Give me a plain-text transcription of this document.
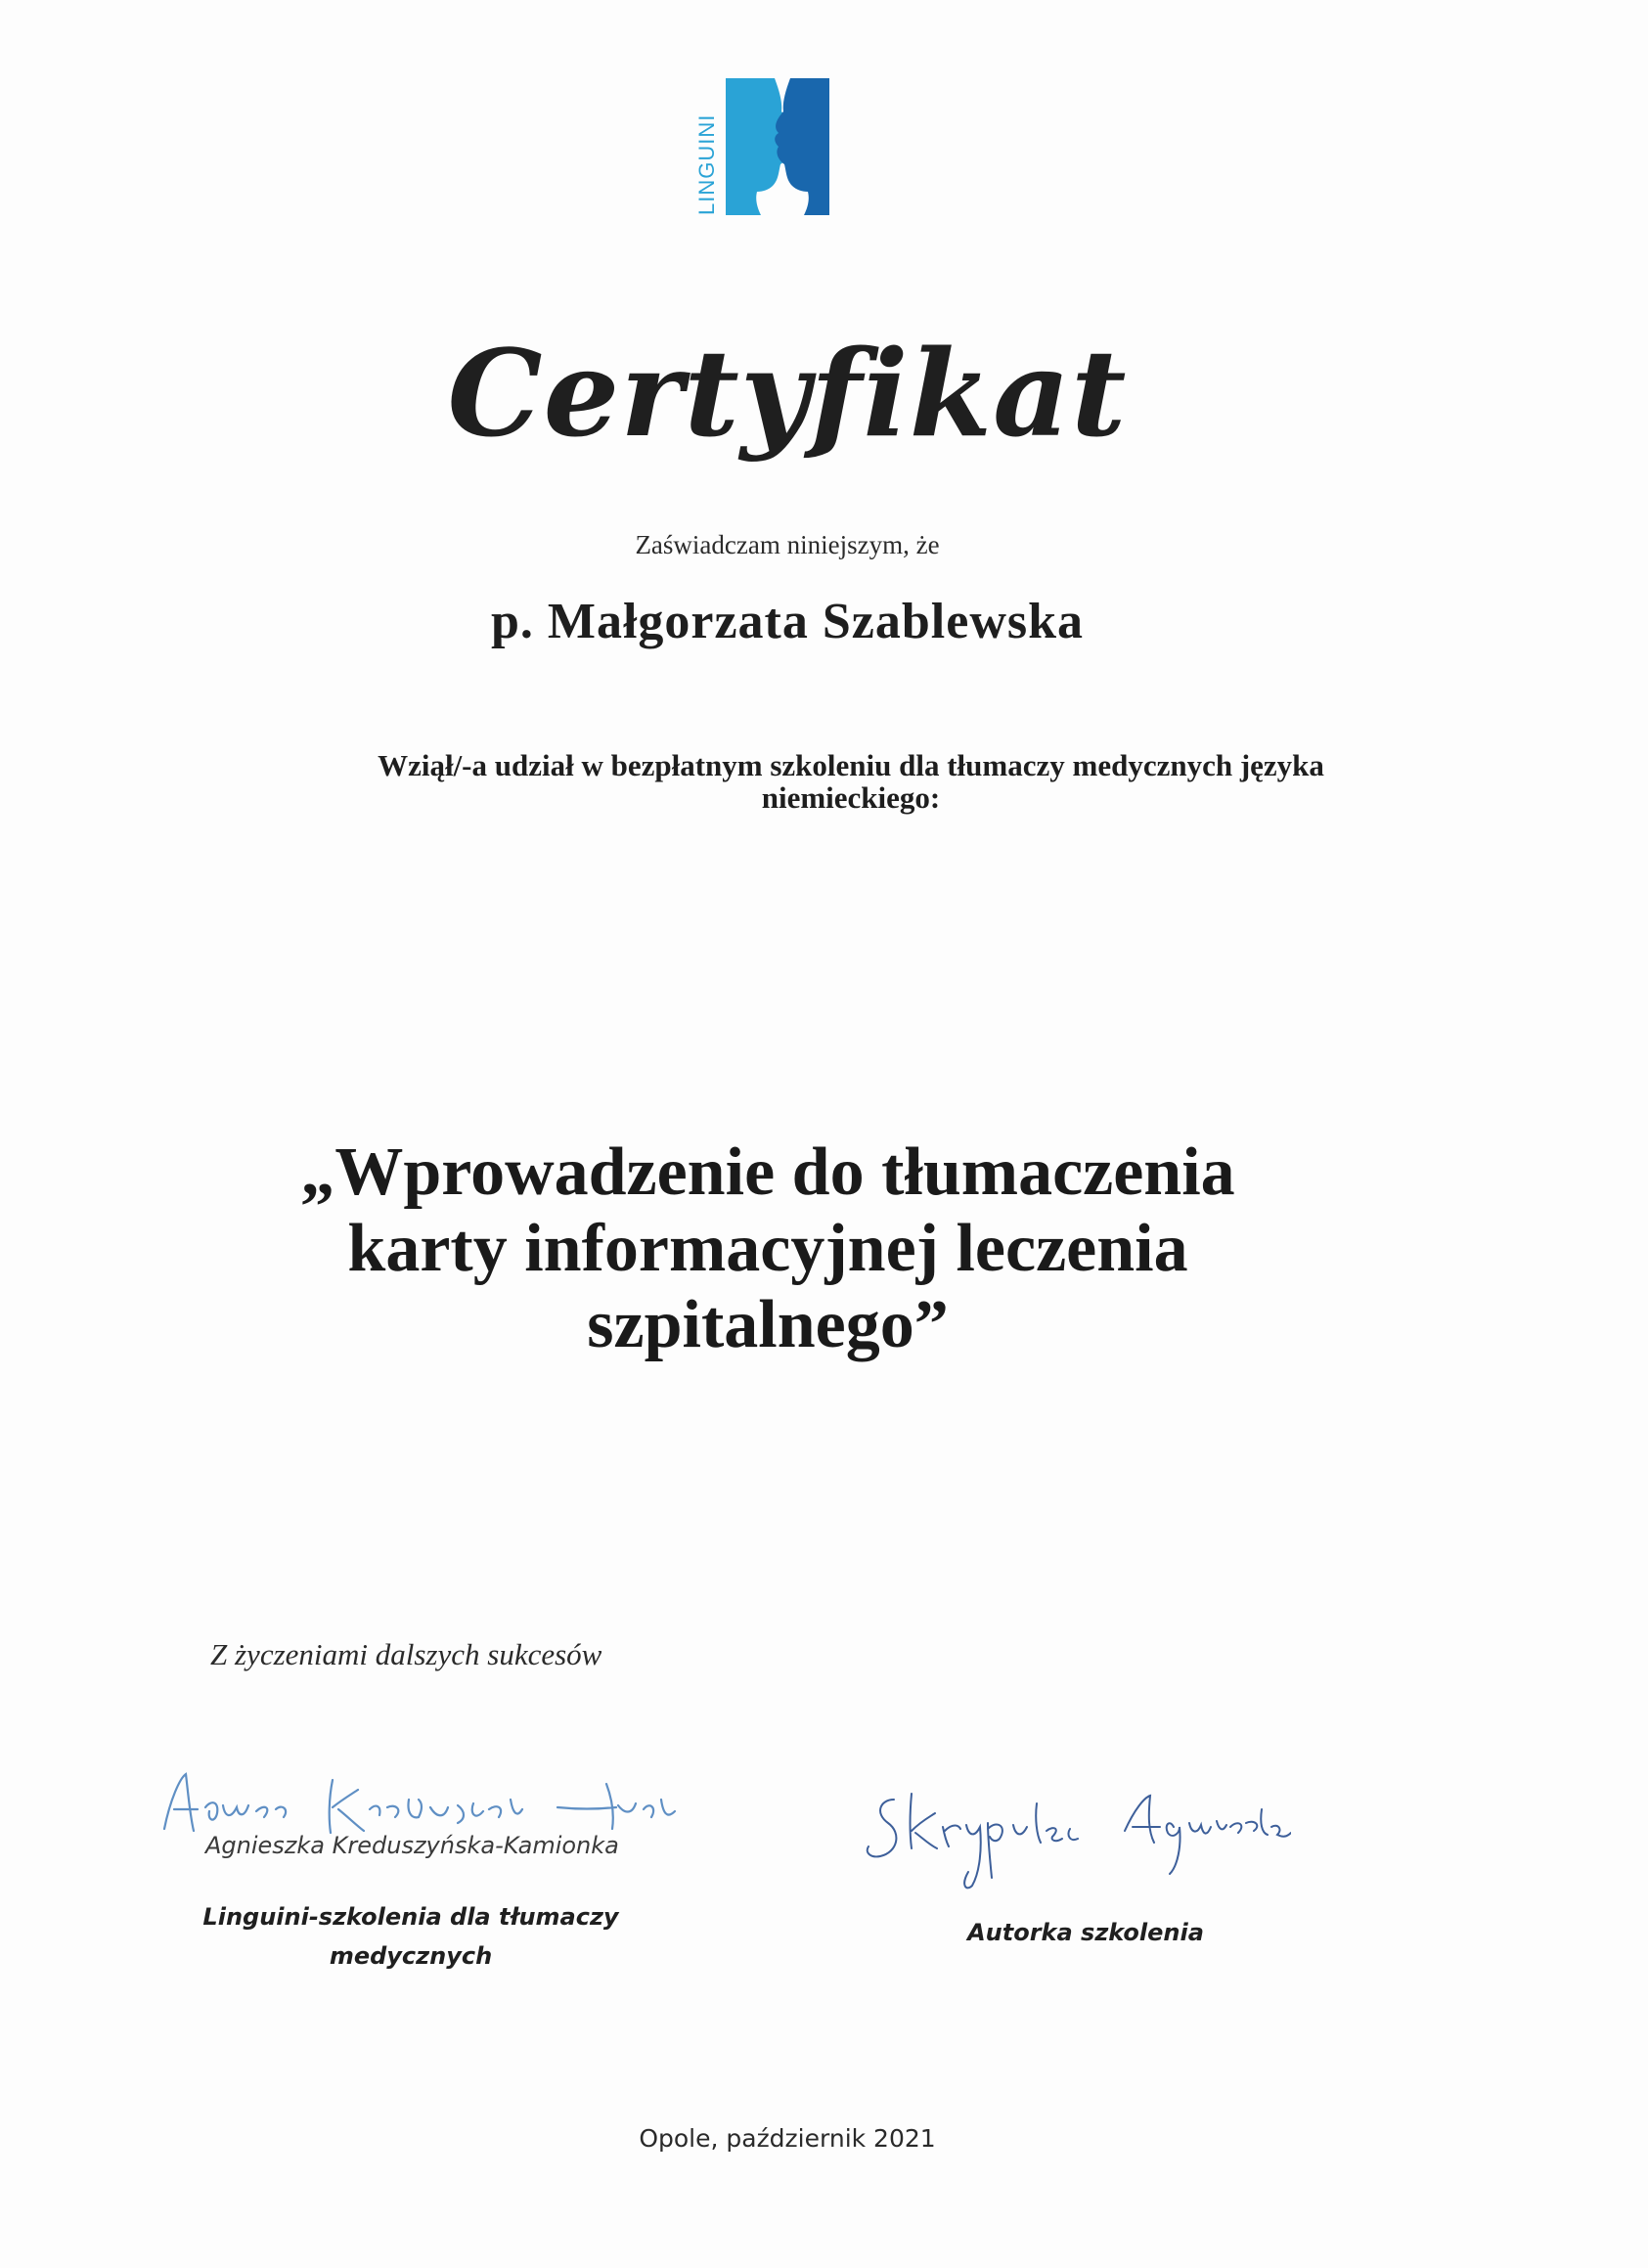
LINGUINI
Certyfikat
Zaświadczam niniejszym, że
p. Małgorzata Szablewska
Wziął/-a udział w bezpłatnym szkoleniu dla tłumaczy medycznych języka niemieckiego:
„Wprowadzenie do tłumaczenia
karty informacyjnej leczenia
szpitalnego”
Z życzeniami dalszych sukcesów
Agnieszka Kreduszyńska-Kamionka
Linguini-szkolenia dla tłumaczy
medycznych
Autorka szkolenia
Opole, październik 2021
